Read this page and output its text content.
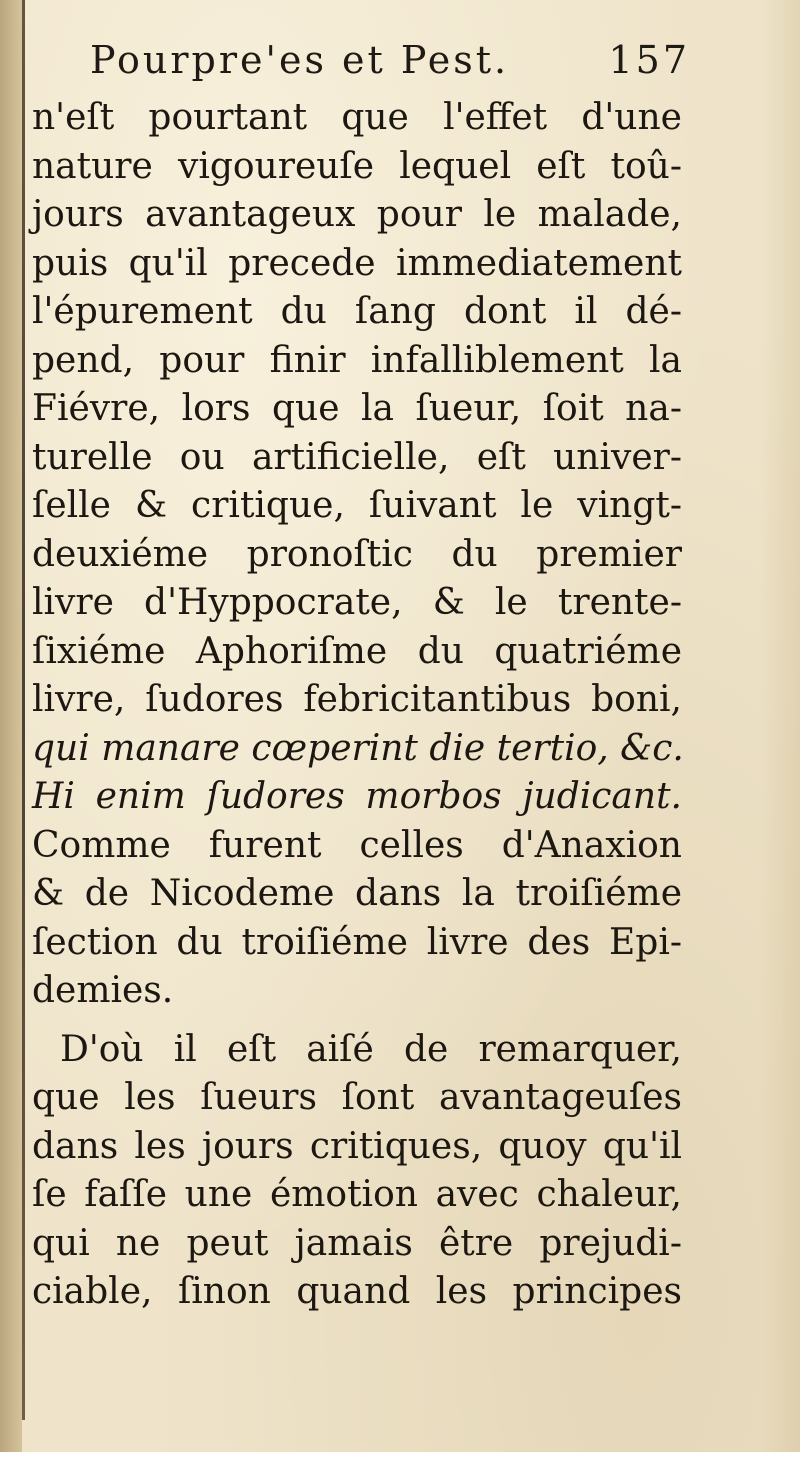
Pourpre'es et Pest.	157
n'eſt pourtant que l'effet d'une
nature vigoureuſe lequel eſt toû-
jours avantageux pour le malade,
puis qu'il precede immediatement
l'épurement du ſang dont il dé-
pend, pour finir infalliblement la
Fiévre, lors que la ſueur, ſoit na-
turelle ou artificielle, eſt univer-
ſelle & critique, ſuivant le vingt-
deuxiéme pronoſtic du premier
livre d'Hyppocrate, & le trente-
ſixiéme Aphoriſme du quatriéme
livre, ſudores febricitantibus boni,
qui manare cœperint die tertio, &c.
Hi enim ſudores morbos judicant.
Comme furent celles d'Anaxion
& de Nicodeme dans la troiſiéme
ſection du troiſiéme livre des Epi-
demies.
D'où il eſt aiſé de remarquer,
que les ſueurs ſont avantageuſes
dans les jours critiques, quoy qu'il
ſe faſſe une émotion avec chaleur,
qui ne peut jamais être prejudi-
ciable, ſinon quand les principes
